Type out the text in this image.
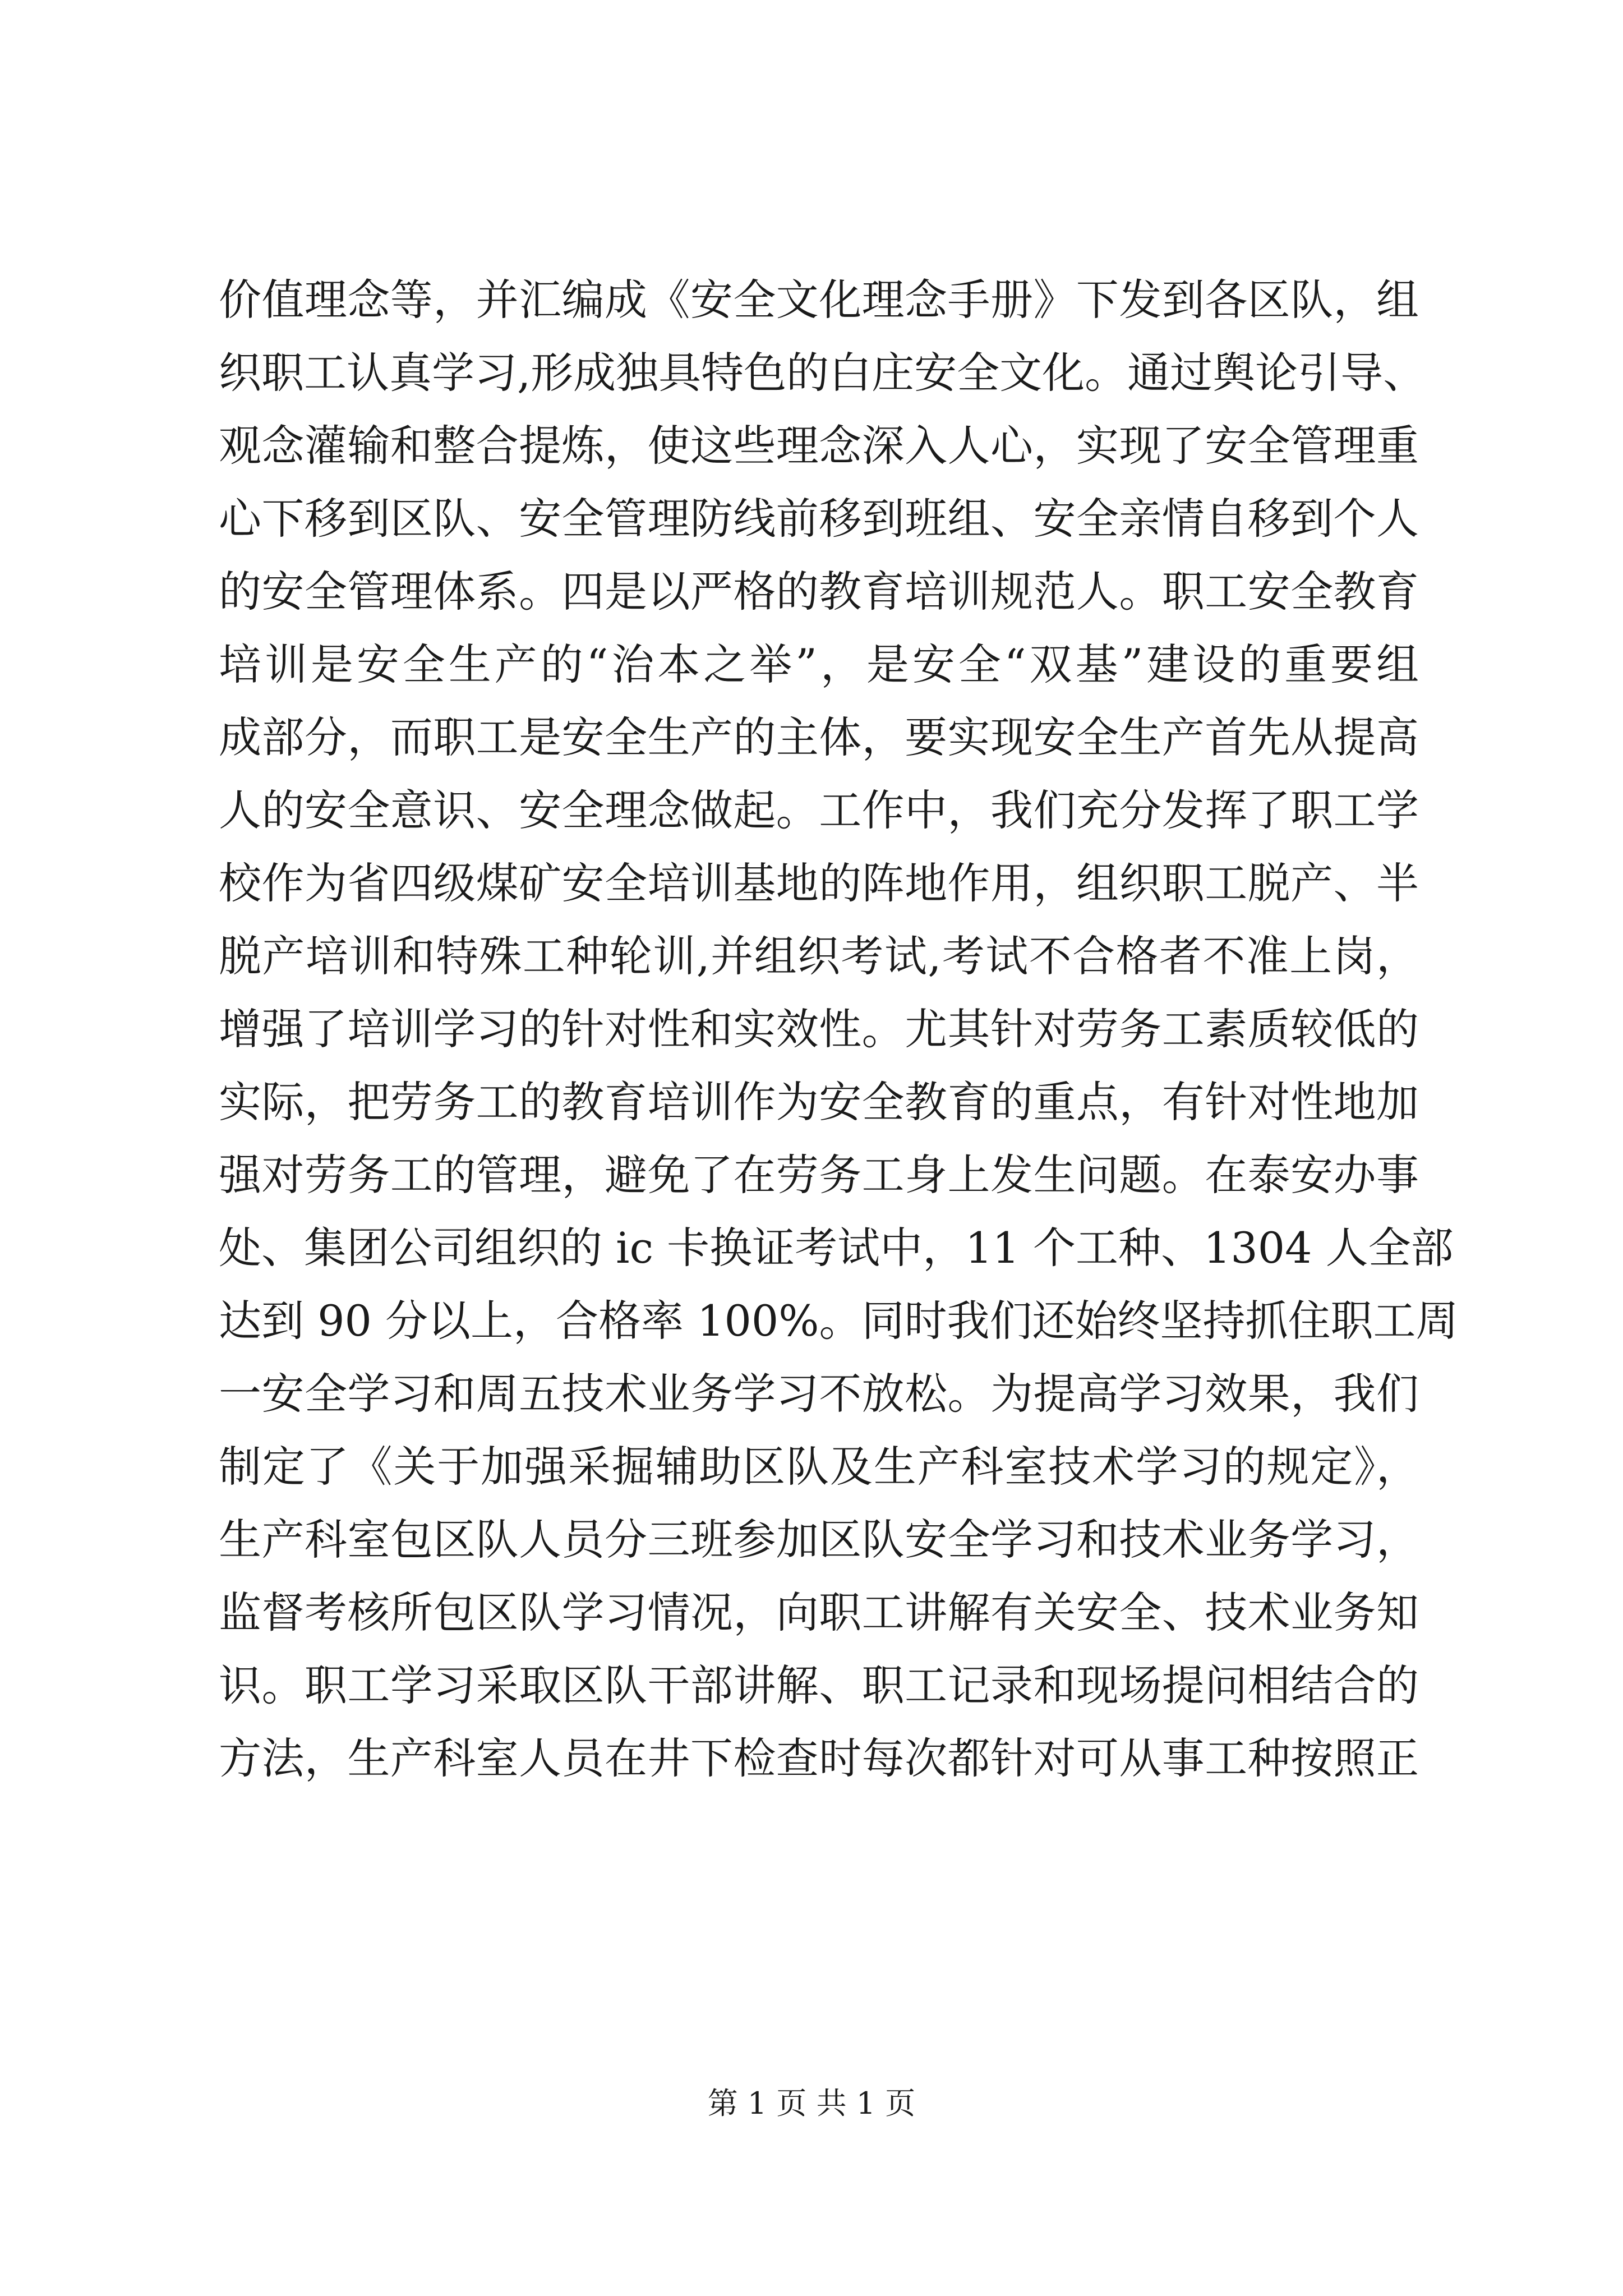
价值理念等，并汇编成《安全文化理念手册》下发到各区队，组
织职工认真学习,形成独具特色的白庄安全文化。通过舆论引导、
观念灌输和整合提炼，使这些理念深入人心，实现了安全管理重
心下移到区队、安全管理防线前移到班组、安全亲情自移到个人
的安全管理体系。四是以严格的教育培训规范人。职工安全教育
培训是安全生产的“治本之举”，是安全“双基”建设的重要组
成部分，而职工是安全生产的主体，要实现安全生产首先从提高
人的安全意识、安全理念做起。工作中，我们充分发挥了职工学
校作为省四级煤矿安全培训基地的阵地作用，组织职工脱产、半
脱产培训和特殊工种轮训,并组织考试,考试不合格者不准上岗，
增强了培训学习的针对性和实效性。尤其针对劳务工素质较低的
实际，把劳务工的教育培训作为安全教育的重点，有针对性地加
强对劳务工的管理，避免了在劳务工身上发生问题。在泰安办事
处、集团公司组织的 ic 卡换证考试中，11 个工种、1304 人全部
达到 90 分以上，合格率 100%。同时我们还始终坚持抓住职工周
一安全学习和周五技术业务学习不放松。为提高学习效果，我们
制定了《关于加强采掘辅助区队及生产科室技术学习的规定》，
生产科室包区队人员分三班参加区队安全学习和技术业务学习，
监督考核所包区队学习情况，向职工讲解有关安全、技术业务知
识。职工学习采取区队干部讲解、职工记录和现场提问相结合的
方法，生产科室人员在井下检查时每次都针对可从事工种按照正
第 1 页 共 1 页
